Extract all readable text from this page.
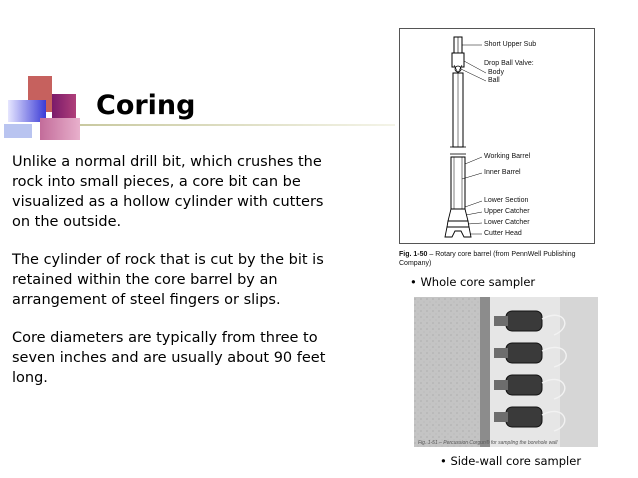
Coring
Unlike a normal drill bit, which crushes the rock into small pieces, a core bit can be visualized as a hollow cylinder with cutters on the outside.
The cylinder of rock that is cut by the bit is retained within the core barrel by an arrangement of steel fingers or slips.
Core diameters are typically from three to seven inches and are usually about 90 feet long.
Short Upper Sub
Drop Ball Valve:
Body
Ball
Working Barrel
Inner Barrel
Lower Section
Upper Catcher
Lower Catcher
Cutter Head
Fig. 1-50 – Rotary core barrel (from PennWell Publishing Company)
• Whole core sampler
Fig. 1-51 – Percussion Corgun® for sampling the borehole wall
• Side-wall core sampler
